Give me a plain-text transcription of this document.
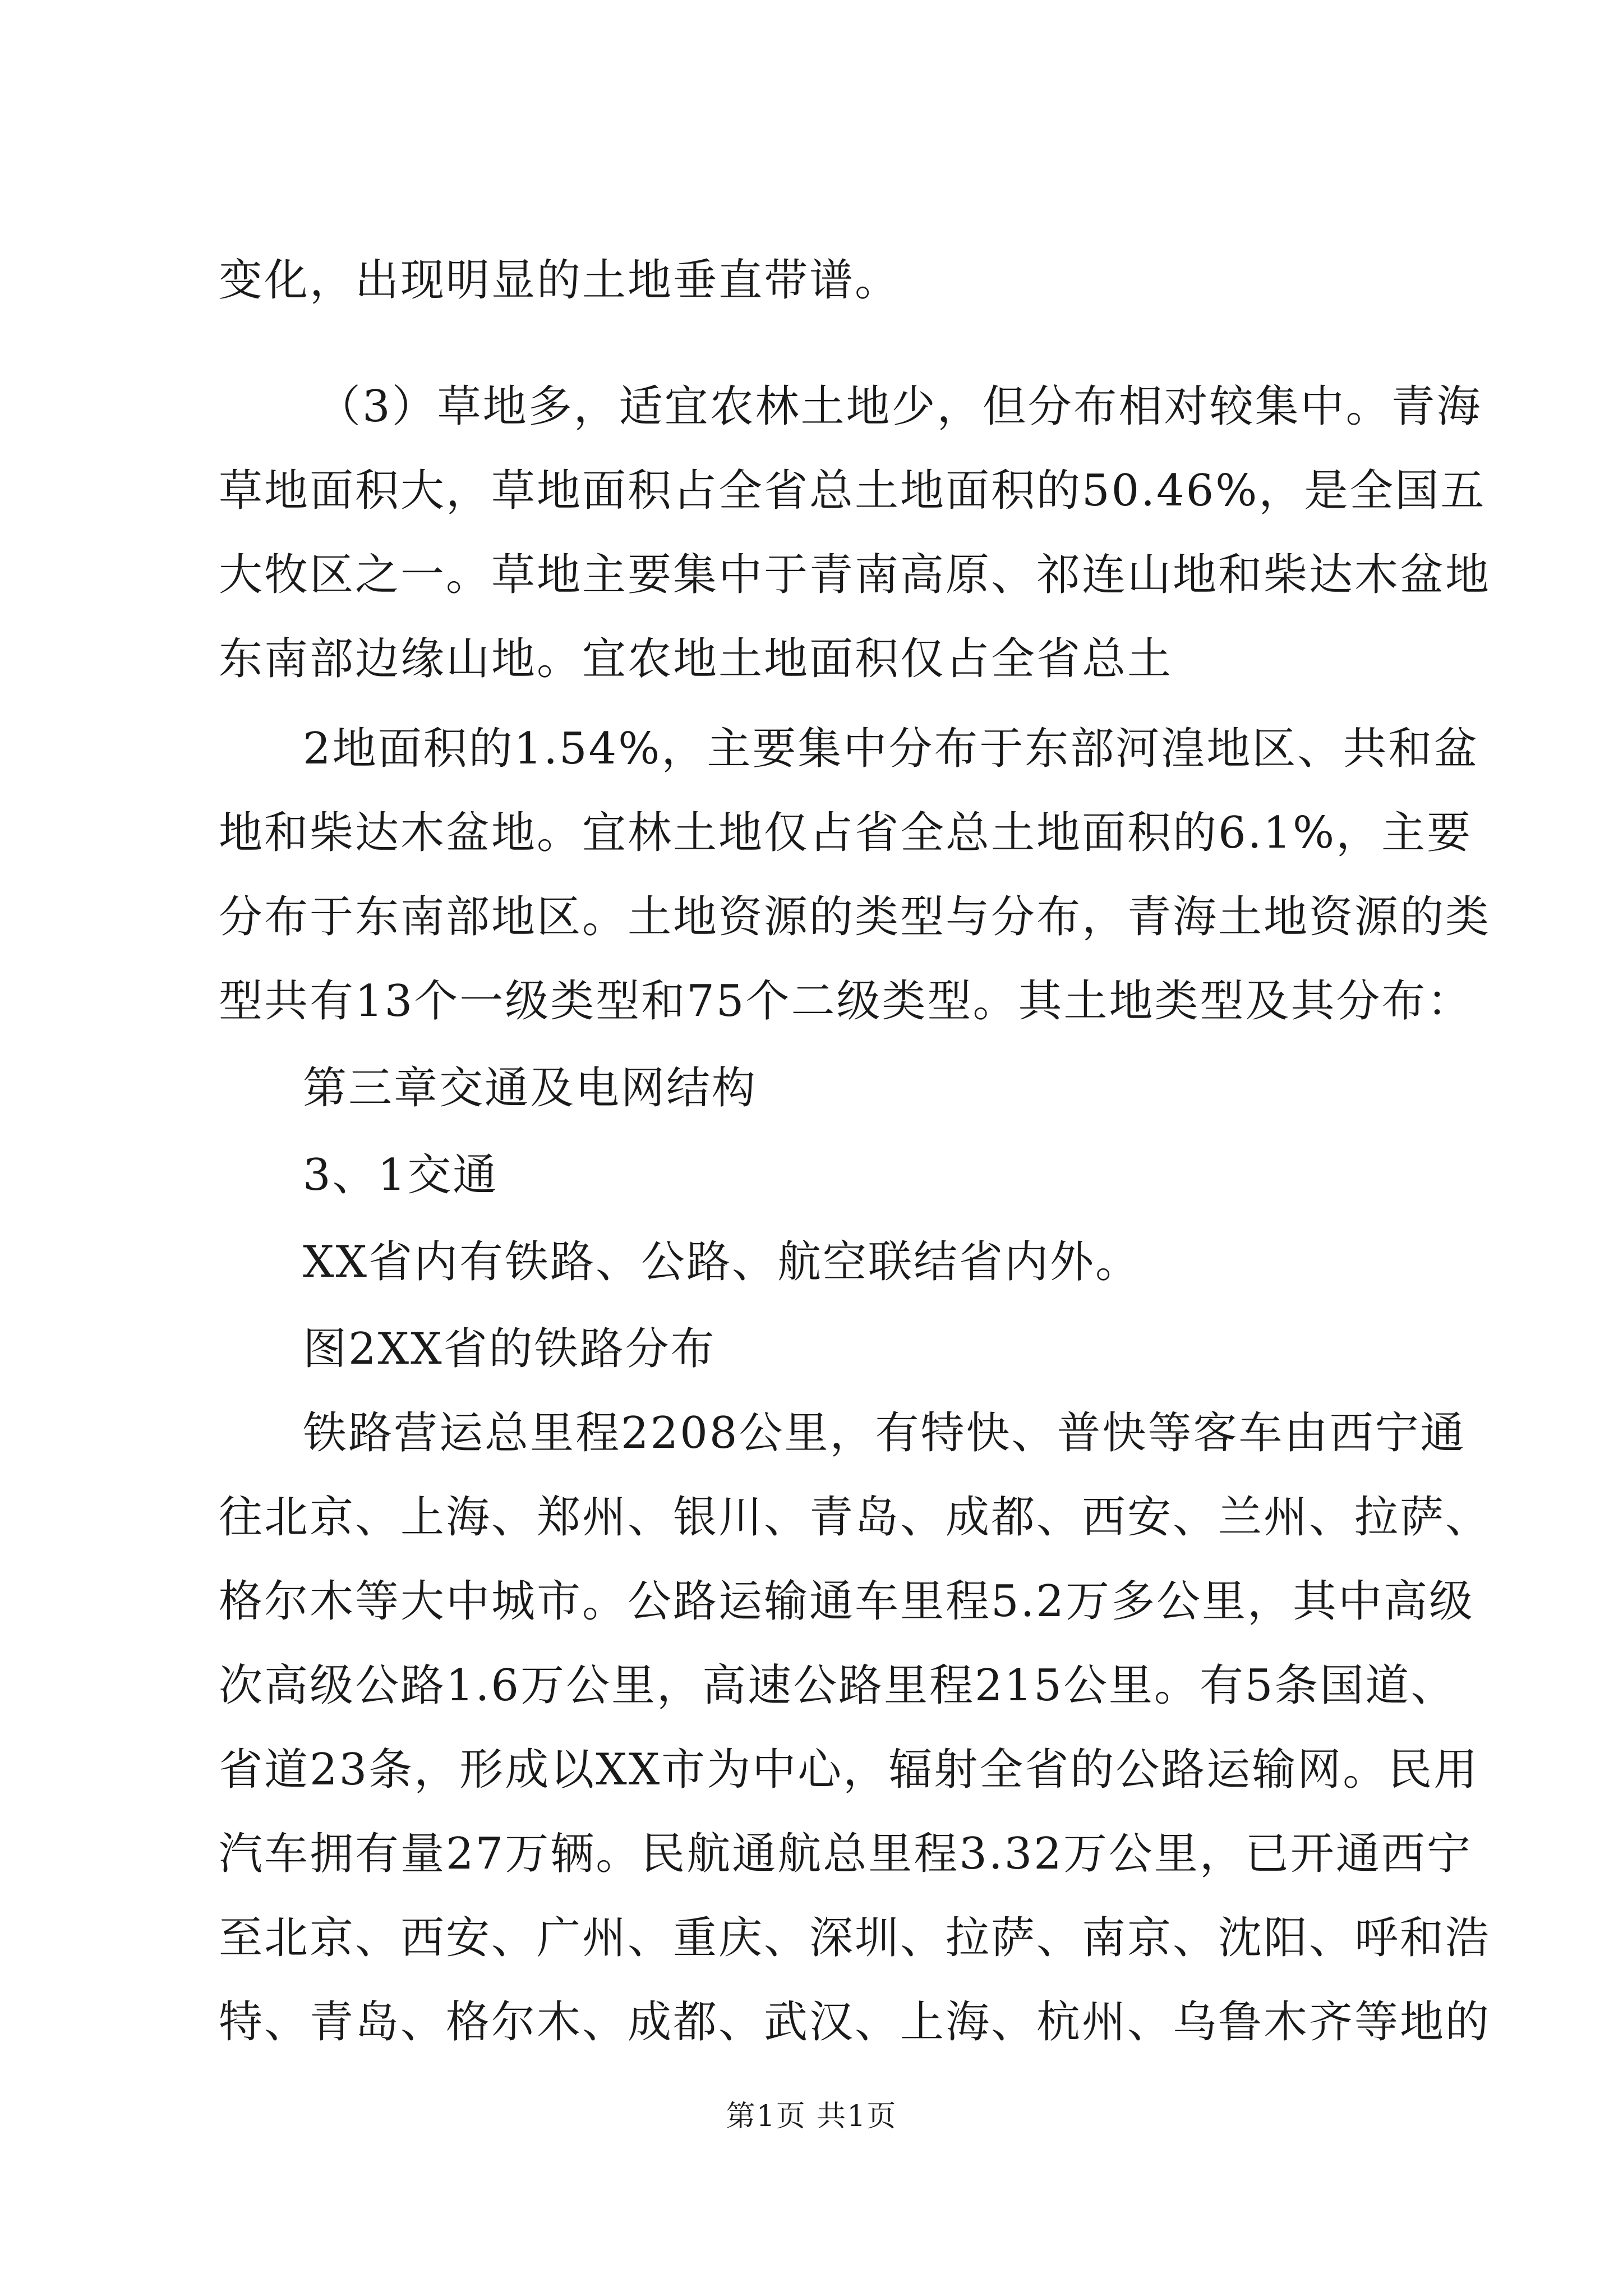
变化，出现明显的土地垂直带谱。
（3）草地多，适宜农林土地少，但分布相对较集中。青海
草地面积大，草地面积占全省总土地面积的50.46%，是全国五
大牧区之一。草地主要集中于青南高原、祁连山地和柴达木盆地
东南部边缘山地。宜农地土地面积仅占全省总土
2地面积的1.54%，主要集中分布于东部河湟地区、共和盆
地和柴达木盆地。宜林土地仅占省全总土地面积的6.1%，主要
分布于东南部地区。土地资源的类型与分布，青海土地资源的类
型共有13个一级类型和75个二级类型。其土地类型及其分布：
第三章交通及电网结构
3、1交通
XX省内有铁路、公路、航空联结省内外。
图2XX省的铁路分布
铁路营运总里程2208公里，有特快、普快等客车由西宁通
往北京、上海、郑州、银川、青岛、成都、西安、兰州、拉萨、
格尔木等大中城市。公路运输通车里程5.2万多公里，其中高级
次高级公路1.6万公里，高速公路里程215公里。有5条国道、
省道23条，形成以XX市为中心，辐射全省的公路运输网。民用
汽车拥有量27万辆。民航通航总里程3.32万公里，已开通西宁
至北京、西安、广州、重庆、深圳、拉萨、南京、沈阳、呼和浩
特、青岛、格尔木、成都、武汉、上海、杭州、乌鲁木齐等地的
第1页 共1页
